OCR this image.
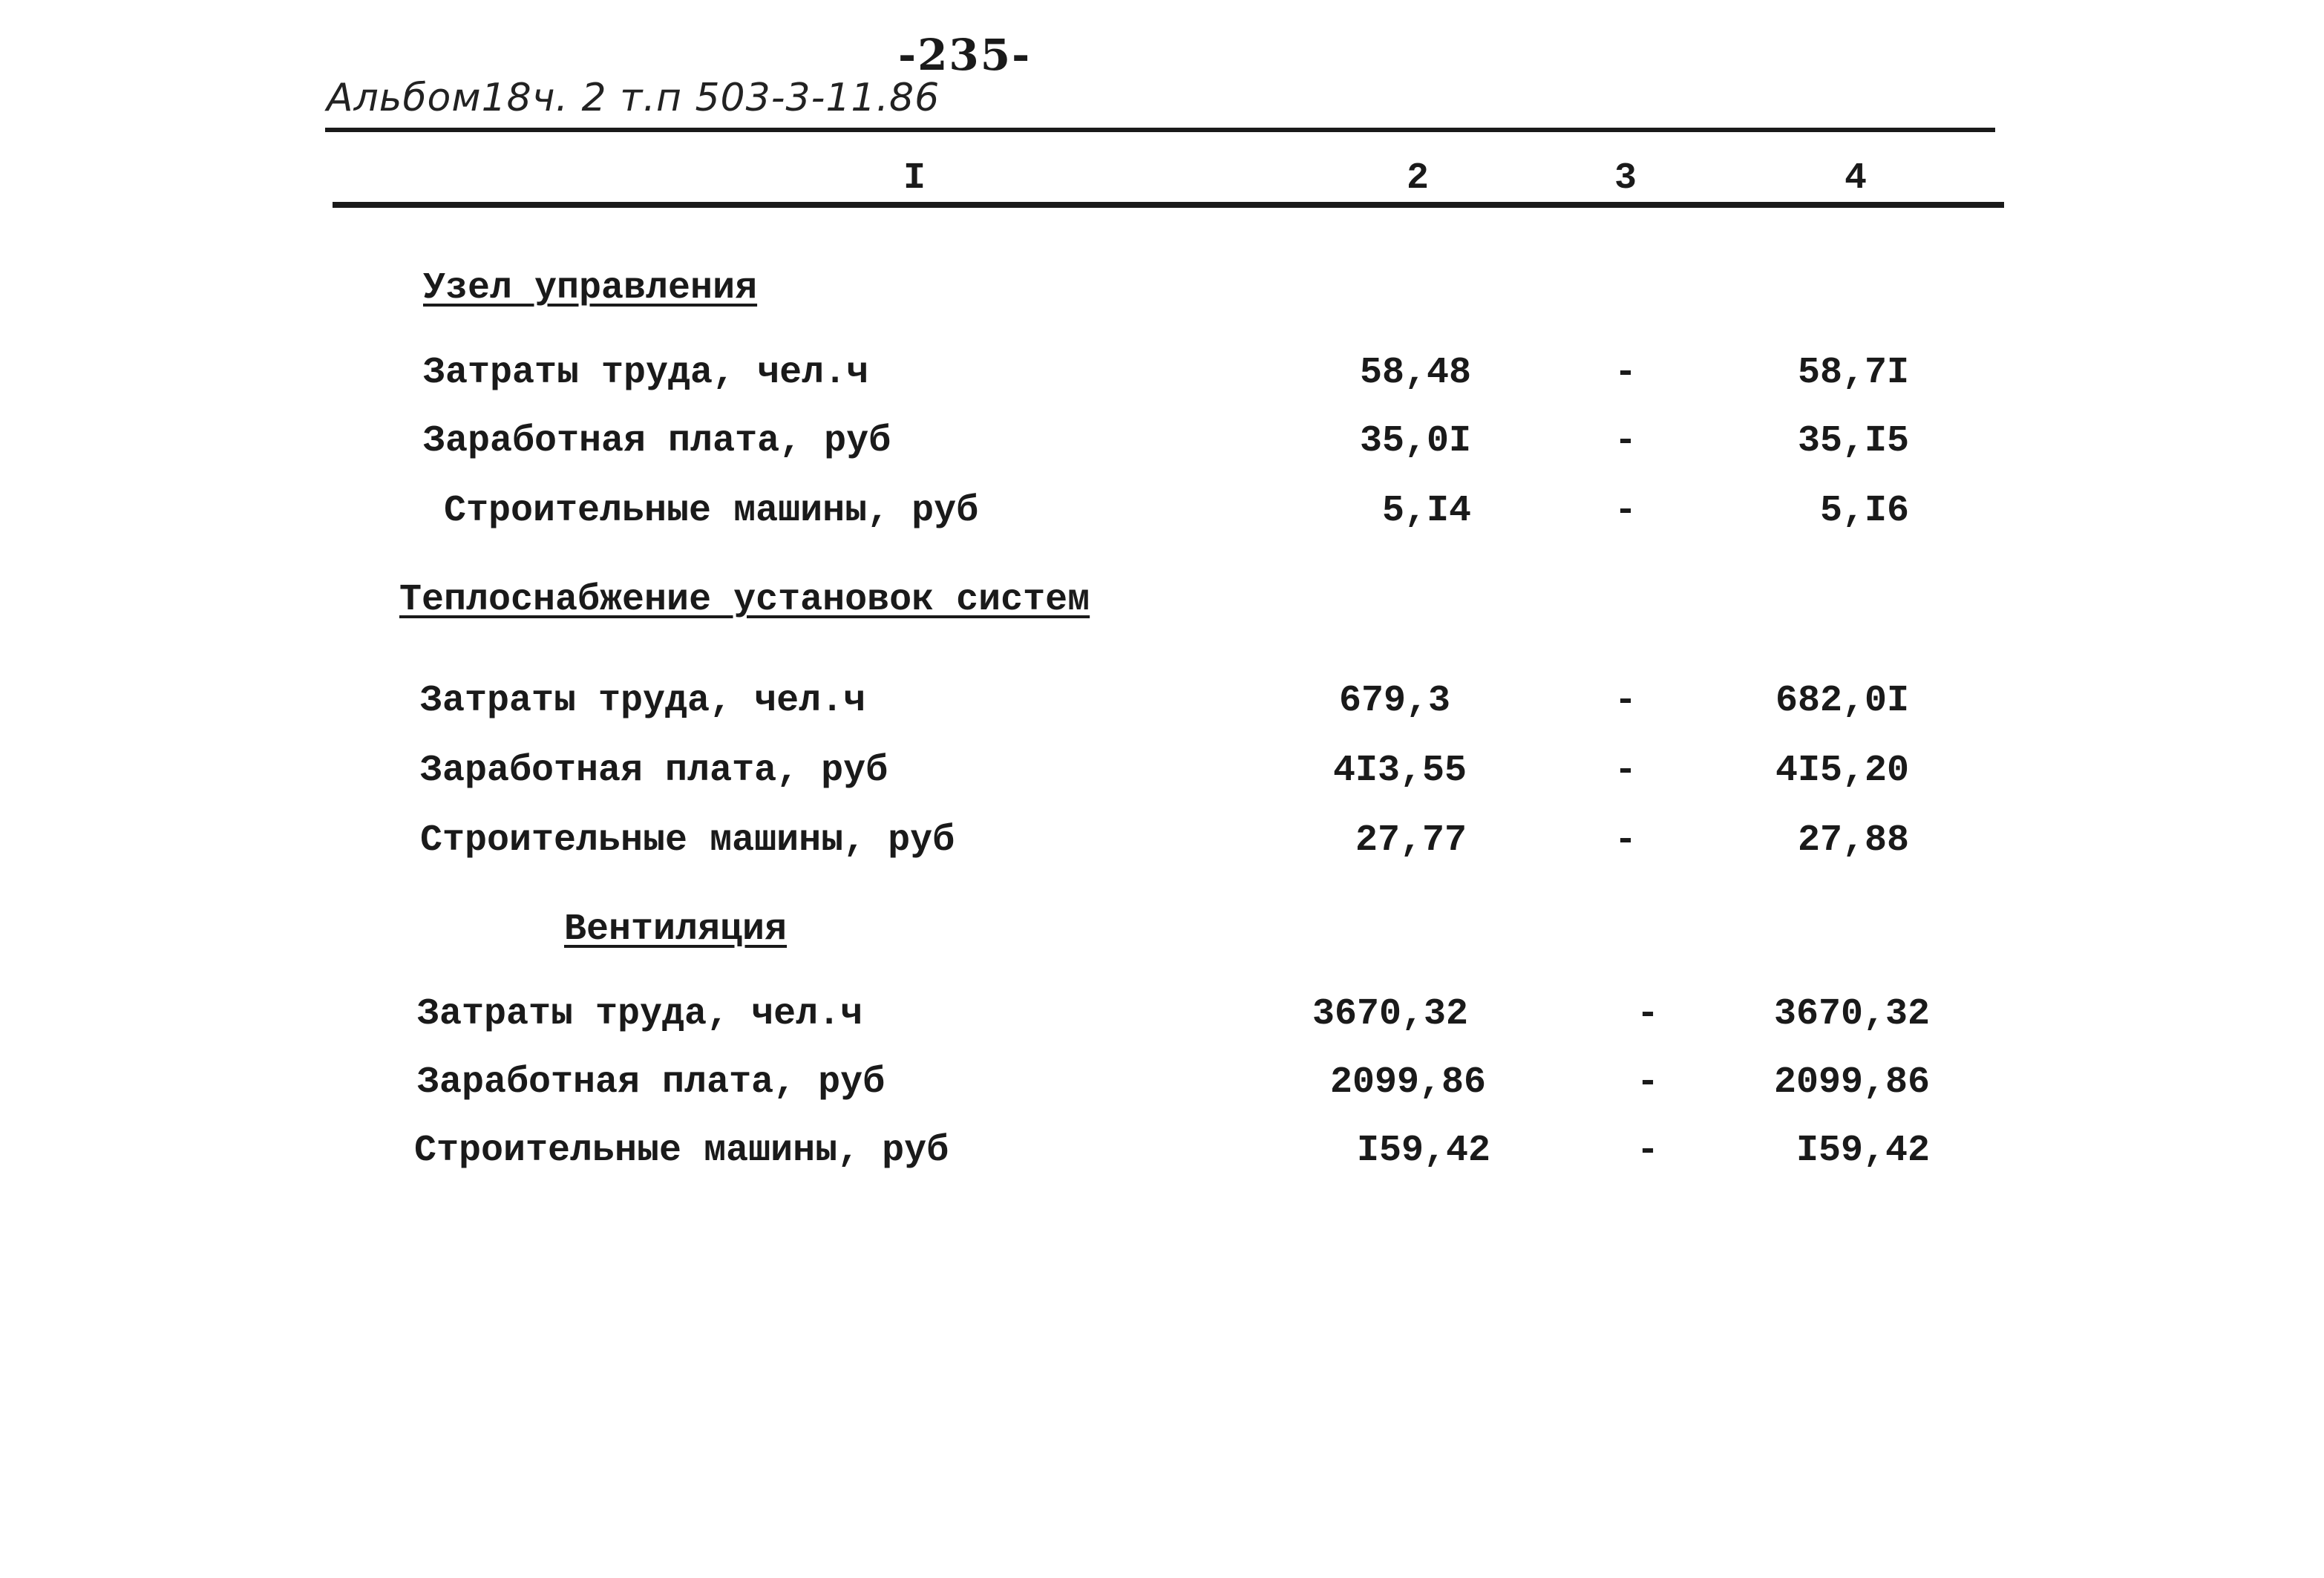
-235-
Альбом18ч. 2 т.п 503-3-11.86
I	2	3	4
Узел управления
Затраты труда, чел.ч	58,48	-	58,7I
Заработная плата, руб	35,0I	-	35,I5
Строительные машины, руб	5,I4	-	5,I6
Теплоснабжение установок систем
Затраты труда, чел.ч	679,3	-	682,0I
Заработная плата, руб	4I3,55	-	4I5,20
Строительные машины, руб	27,77	-	27,88
Вентиляция
Затраты труда, чел.ч	3670,32	-	3670,32
Заработная плата, руб	2099,86	-	2099,86
Строительные машины, руб	I59,42	-	I59,42
